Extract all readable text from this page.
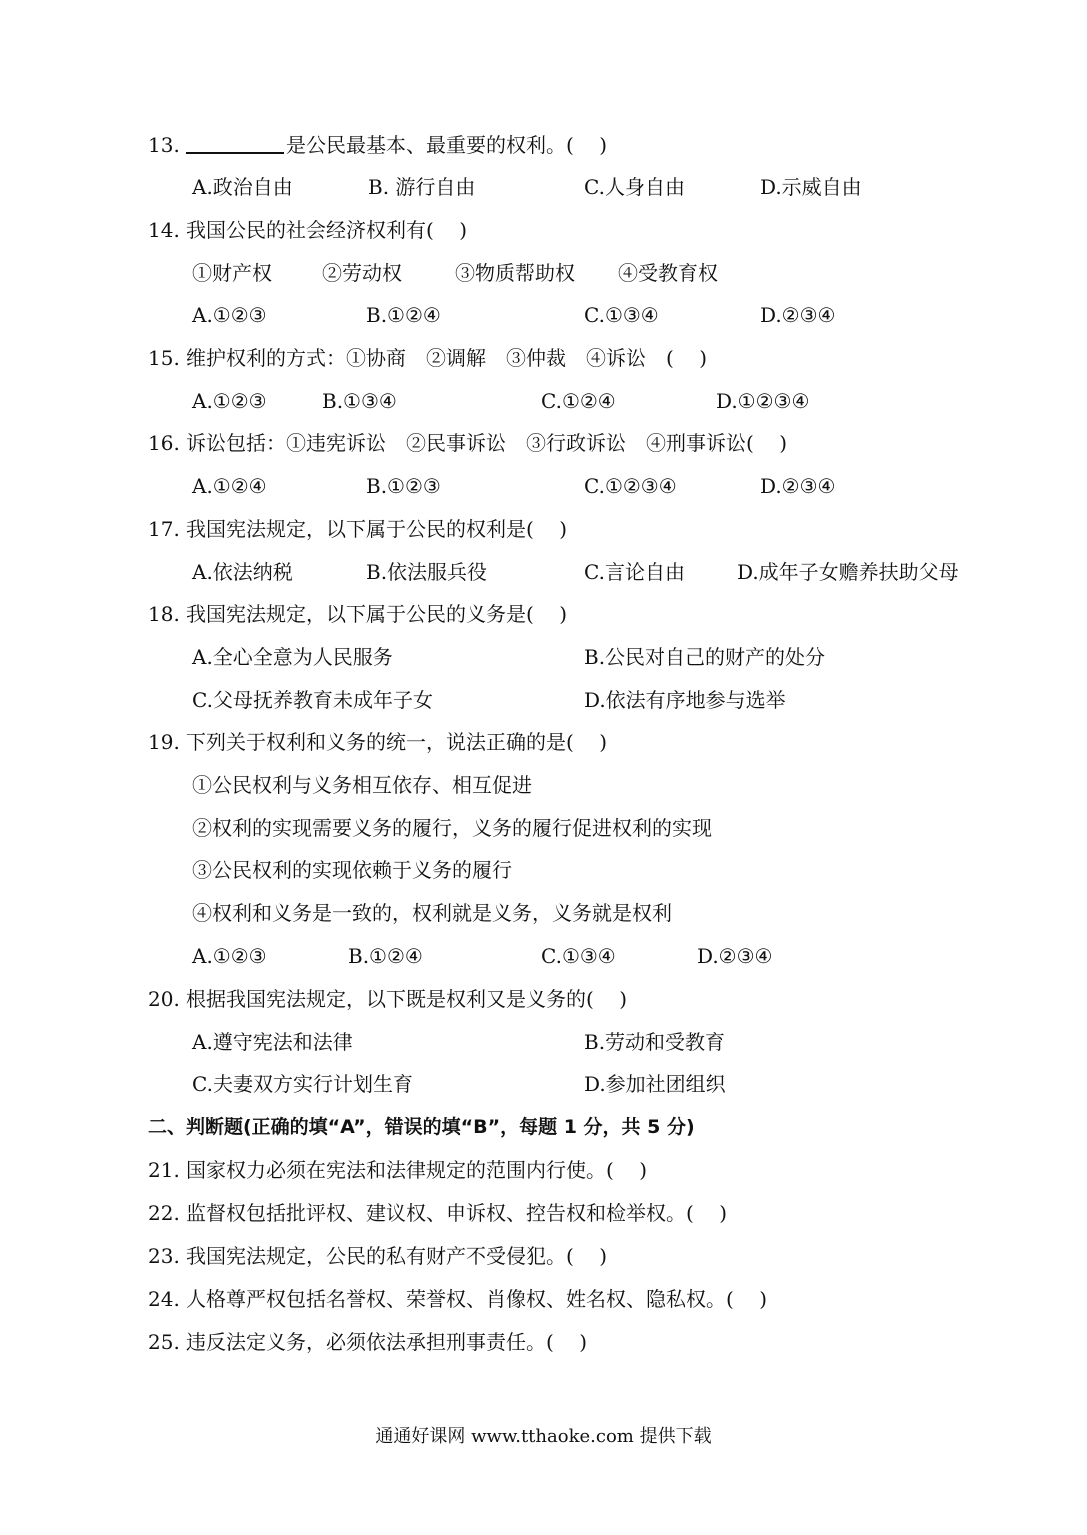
13.	是公民最基本、最重要的权利。(    )
A.政治自由	B. 游行自由	C.人身自由	D.示威自由
14. 我国公民的社会经济权利有(    )
①财产权	②劳动权	③物质帮助权 ④受教育权
A.①②③	B.①②④	C.①③④	D.②③④
15. 维护权利的方式：①协商　②调解　③仲裁　④诉讼　(    )
A.①②③	B.①③④	C.①②④	D.①②③④
16. 诉讼包括：①违宪诉讼　②民事诉讼　③行政诉讼　④刑事诉讼(    )
A.①②④	B.①②③	C.①②③④	D.②③④
17. 我国宪法规定，以下属于公民的权利是(    )
A.依法纳税	B.依法服兵役	C.言论自由	D.成年子女赡养扶助父母
18. 我国宪法规定，以下属于公民的义务是(    )
A.全心全意为人民服务	B.公民对自己的财产的处分
C.父母抚养教育未成年子女	D.依法有序地参与选举
19. 下列关于权利和义务的统一，说法正确的是(    )
①公民权利与义务相互依存、相互促进
②权利的实现需要义务的履行，义务的履行促进权利的实现
③公民权利的实现依赖于义务的履行
④权利和义务是一致的，权利就是义务，义务就是权利
A.①②③	B.①②④	C.①③④	D.②③④
20. 根据我国宪法规定，以下既是权利又是义务的(    )
A.遵守宪法和法律	B.劳动和受教育
C.夫妻双方实行计划生育	D.参加社团组织
二、判断题(正确的填“A”，错误的填“B”，每题 1 分，共 5 分)
21. 国家权力必须在宪法和法律规定的范围内行使。(    )
22. 监督权包括批评权、建议权、申诉权、控告权和检举权。(    )
23. 我国宪法规定，公民的私有财产不受侵犯。(    )
24. 人格尊严权包括名誉权、荣誉权、肖像权、姓名权、隐私权。(    )
25. 违反法定义务，必须依法承担刑事责任。(    )
通通好课网 www.tthaoke.com 提供下载
